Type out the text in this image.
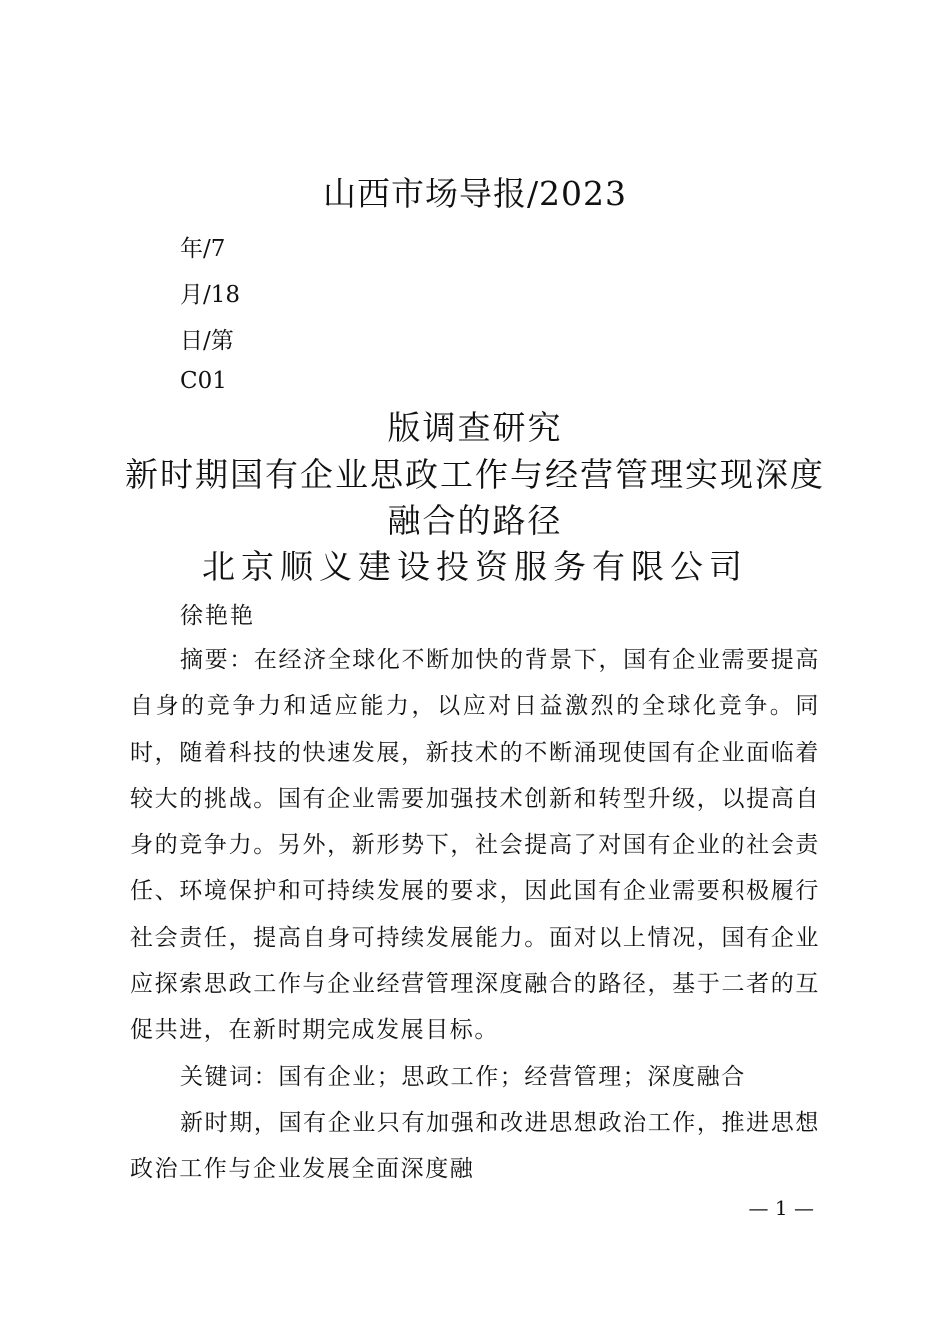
山西市场导报/2023
年/7
月/18
日/第
C01
版调查研究
新时期国有企业思政工作与经营管理实现深度
融合的路径
北京顺义建设投资服务有限公司
徐艳艳

摘要：在经济全球化不断加快的背景下，国有企业需要提高自身的竞争力和适应能力，以应对日益激烈的全球化竞争。同时，随着科技的快速发展，新技术的不断涌现使国有企业面临着较大的挑战。国有企业需要加强技术创新和转型升级，以提高自身的竞争力。另外，新形势下，社会提高了对国有企业的社会责任、环境保护和可持续发展的要求，因此国有企业需要积极履行社会责任，提高自身可持续发展能力。面对以上情况，国有企业应探索思政工作与企业经营管理深度融合的路径，基于二者的互促共进，在新时期完成发展目标。

关键词：国有企业；思政工作；经营管理；深度融合

新时期，国有企业只有加强和改进思想政治工作，推进思想政治工作与企业发展全面深度融

— 1 —
